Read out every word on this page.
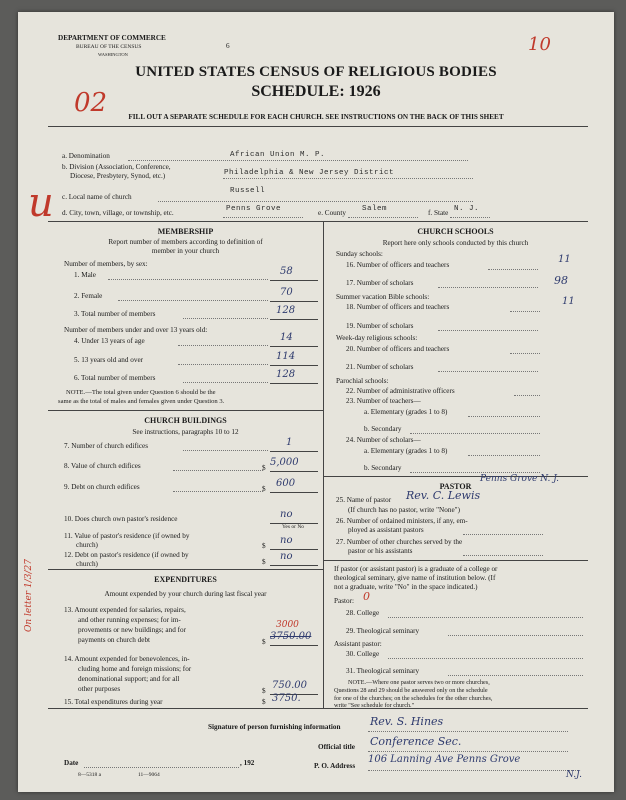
DEPARTMENT OF COMMERCE
BUREAU OF THE CENSUS
WASHINGTON
6	10
02
u
On letter 1/3/27
UNITED STATES CENSUS OF RELIGIOUS BODIES
SCHEDULE: 1926
FILL OUT A SEPARATE SCHEDULE FOR EACH CHURCH. SEE INSTRUCTIONS ON THE BACK OF THIS SHEET
a. Denomination	African Union M. P.
b. Division (Association, Conference,
Diocese, Presbytery, Synod, etc.)	Philadelphia & New Jersey District
c. Local name of church
Russell
d. City, town, village, or township, etc.	Penns Grove	e. County Salem	f. State N. J.
MEMBERSHIP
Report number of members according to definition of
member in your church
Number of members, by sex:
1. Male	58
2. Female	70
3. Total number of members	128
Number of members under and over 13 years old:
4. Under 13 years of age	14
5. 13 years old and over	114
6. Total number of members	128
NOTE.—The total given under Question 6 should be the
same as the total of males and females given under Question 3.
CHURCH BUILDINGS
See instructions, paragraphs 10 to 12
7. Number of church edifices	1
8. Value of church edifices	$ 5,000
9. Debt on church edifices	$ 600
10. Does church own pastor's residence	no
Yes or No
11. Value of pastor's residence (if owned by
church)	$ no
12. Debt on pastor's residence (if owned by
church)	$ no
EXPENDITURES
Amount expended by your church during last fiscal year
13. Amount expended for salaries, repairs,
and other running expenses; for im-
provements or new buildings; and for
payments on church debt	$
3000
3750.00
14. Amount expended for benevolences, in-
cluding home and foreign missions; for
denominational support; and for all
other purposes	$ 750.00
15. Total expenditures during year	$ 3750.
CHURCH SCHOOLS
Report here only schools conducted by this church
Sunday schools:
16. Number of officers and teachers	11
17. Number of scholars	98
Summer vacation Bible schools:
18. Number of officers and teachers	11
19. Number of scholars
Week-day religious schools:
20. Number of officers and teachers
21. Number of scholars
Parochial schools:
22. Number of administrative officers
23. Number of teachers—
a. Elementary (grades 1 to 8)
b. Secondary
24. Number of scholars—
a. Elementary (grades 1 to 8)
b. Secondary
PASTOR
Penns Grove N. J.
25. Name of pastor Rev. C. Lewis
(If church has no pastor, write "None")
26. Number of ordained ministers, if any, em-
ployed as assistant pastors
27. Number of other churches served by the
pastor or his assistants
If pastor (or assistant pastor) is a graduate of a college or
theological seminary, give name of institution below. (If
not a graduate, write "No" in the space indicated.)
Pastor: 0
28. College
29. Theological seminary
Assistant pastor:
30. College
31. Theological seminary
NOTE.—Where one pastor serves two or more churches,
Questions 28 and 29 should be answered only on the schedule
for one of the churches; on the schedules for the other churches,
write "See schedule for church."
Signature of person furnishing information	Rev. S. Hines
Official title Conference Sec.
Date	, 192	P. O. Address
106 Lanning Ave Penns Grove
N.J.
8—5318 a	11—9064
